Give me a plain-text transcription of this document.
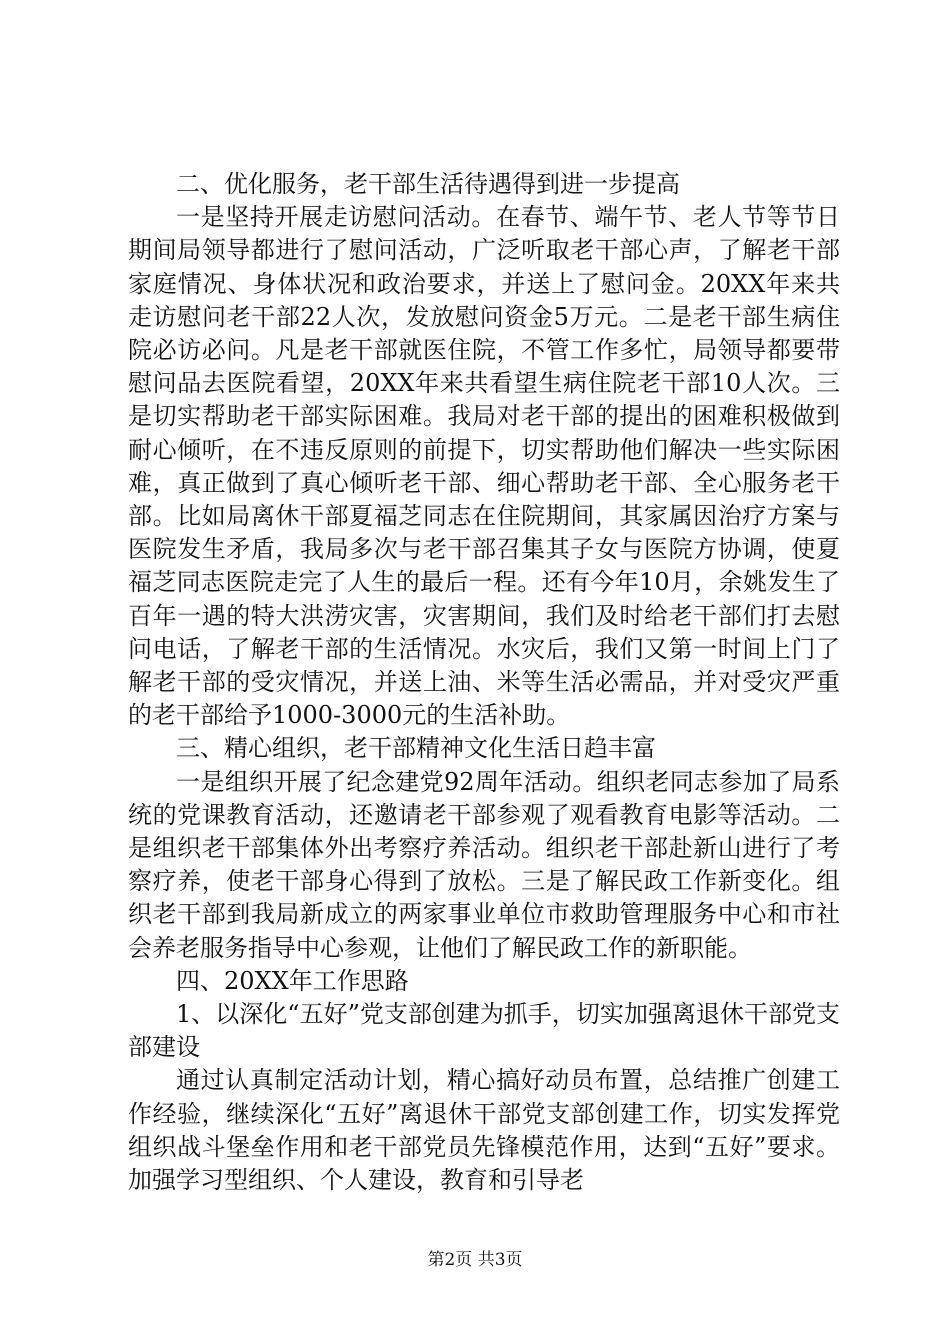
二、优化服务，老干部生活待遇得到进一步提高

一是坚持开展走访慰问活动。在春节、端午节、老人节等节日期间局领导都进行了慰问活动，广泛听取老干部心声，了解老干部家庭情况、身体状况和政治要求，并送上了慰问金。20XX年来共走访慰问老干部22人次，发放慰问资金5万元。二是老干部生病住院必访必问。凡是老干部就医住院，不管工作多忙，局领导都要带慰问品去医院看望，20XX年来共看望生病住院老干部10人次。三是切实帮助老干部实际困难。我局对老干部的提出的困难积极做到耐心倾听，在不违反原则的前提下，切实帮助他们解决一些实际困难，真正做到了真心倾听老干部、细心帮助老干部、全心服务老干部。比如局离休干部夏福芝同志在住院期间，其家属因治疗方案与医院发生矛盾，我局多次与老干部召集其子女与医院方协调，使夏福芝同志医院走完了人生的最后一程。还有今年10月，余姚发生了百年一遇的特大洪涝灾害，灾害期间，我们及时给老干部们打去慰问电话，了解老干部的生活情况。水灾后，我们又第一时间上门了解老干部的受灾情况，并送上油、米等生活必需品，并对受灾严重的老干部给予1000-3000元的生活补助。

三、精心组织，老干部精神文化生活日趋丰富

一是组织开展了纪念建党92周年活动。组织老同志参加了局系统的党课教育活动，还邀请老干部参观了观看教育电影等活动。二是组织老干部集体外出考察疗养活动。组织老干部赴新山进行了考察疗养，使老干部身心得到了放松。三是了解民政工作新变化。组织老干部到我局新成立的两家事业单位市救助管理服务中心和市社会养老服务指导中心参观，让他们了解民政工作的新职能。

四、20XX年工作思路

1、以深化“五好”党支部创建为抓手，切实加强离退休干部党支部建设

通过认真制定活动计划，精心搞好动员布置，总结推广创建工作经验，继续深化“五好”离退休干部党支部创建工作，切实发挥党组织战斗堡垒作用和老干部党员先锋模范作用，达到“五好”要求。加强学习型组织、个人建设，教育和引导老

第2页 共3页
